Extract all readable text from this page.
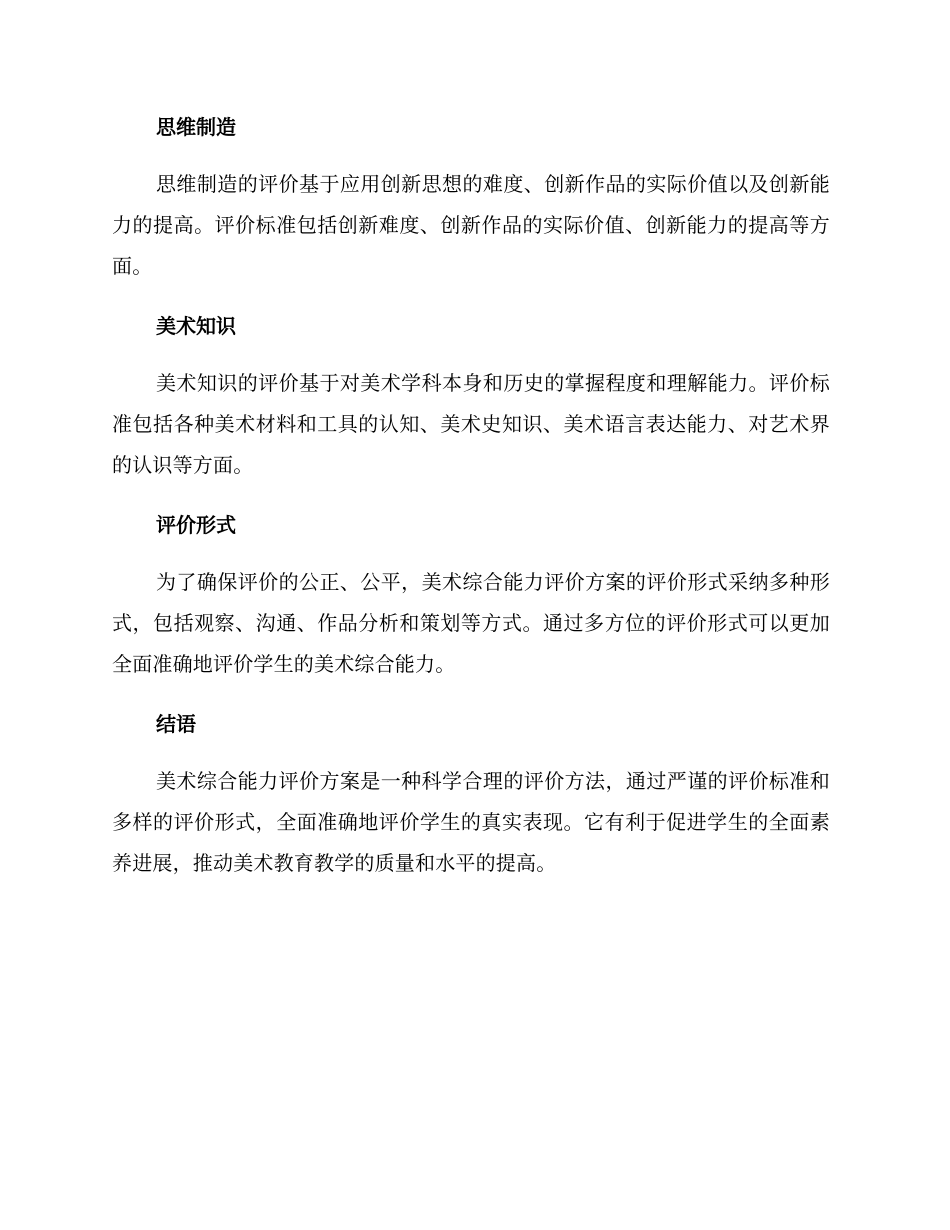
思维制造

思维制造的评价基于应用创新思想的难度、创新作品的实际价值以及创新能力的提高。评价标准包括创新难度、创新作品的实际价值、创新能力的提高等方面。

美术知识

美术知识的评价基于对美术学科本身和历史的掌握程度和理解能力。评价标准包括各种美术材料和工具的认知、美术史知识、美术语言表达能力、对艺术界的认识等方面。

评价形式

为了确保评价的公正、公平，美术综合能力评价方案的评价形式采纳多种形式，包括观察、沟通、作品分析和策划等方式。通过多方位的评价形式可以更加全面准确地评价学生的美术综合能力。

结语

美术综合能力评价方案是一种科学合理的评价方法，通过严谨的评价标准和多样的评价形式，全面准确地评价学生的真实表现。它有利于促进学生的全面素养进展，推动美术教育教学的质量和水平的提高。
